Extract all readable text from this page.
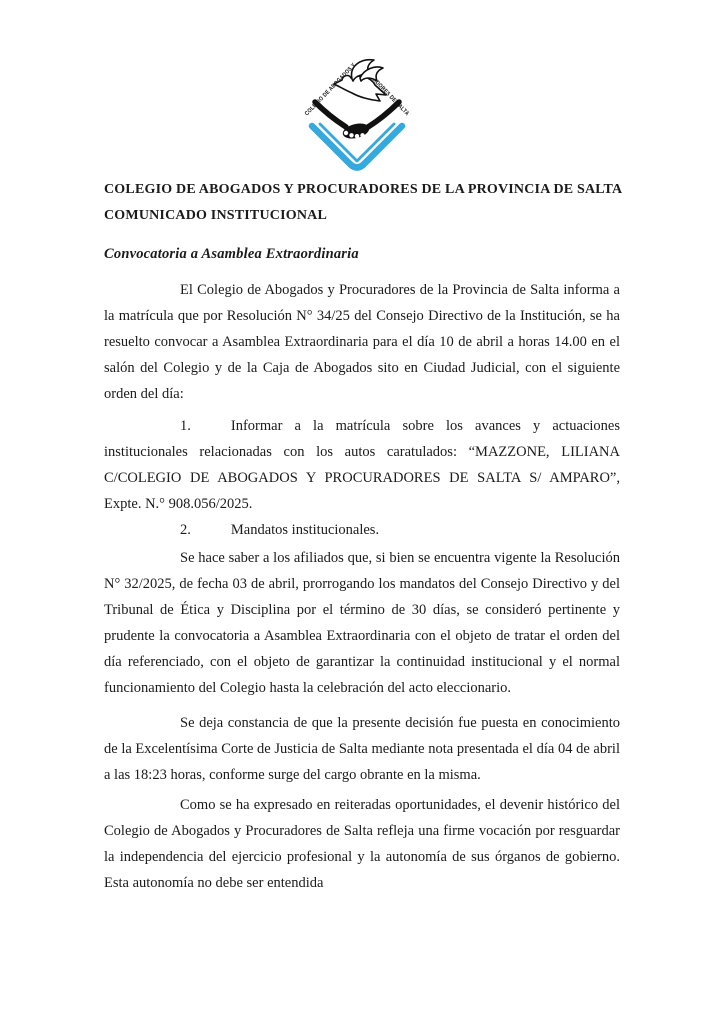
COLEGIO DE AB DOS ADORES DE SALTA
COLEGIO DE ABOGADOS Y PROCURADORES DE LA PROVINCIA DE SALTA
COMUNICADO INSTITUCIONAL
Convocatoria a Asamblea Extraordinaria

El Colegio de Abogados y Procuradores de la Provincia de Salta informa a la matrícula que por Resolución N° 34/25 del Consejo Directivo de la Institución, se ha resuelto convocar a Asamblea Extraordinaria para el día 10 de abril a horas 14.00 en el salón del Colegio y de la Caja de Abogados sito en Ciudad Judicial, con el siguiente orden del día:

1.	Informar a la matrícula sobre los avances y actuaciones institucionales relacionadas con los autos caratulados: “MAZZONE, LILIANA C/COLEGIO DE ABOGADOS Y PROCURADORES DE SALTA S/ AMPARO”, Expte. N.° 908.056/2025.

2.	Mandatos institucionales.

Se hace saber a los afiliados que, si bien se encuentra vigente la Resolución N° 32/2025, de fecha 03 de abril, prorrogando los mandatos del Consejo Directivo y del Tribunal de Ética y Disciplina por el término de 30 días, se consideró pertinente y prudente la convocatoria a Asamblea Extraordinaria con el objeto de tratar el orden del día referenciado, con el objeto de garantizar la continuidad institucional y el normal funcionamiento del Colegio hasta la celebración del acto eleccionario.

Se deja constancia de que la presente decisión fue puesta en conocimiento de la Excelentísima Corte de Justicia de Salta mediante nota presentada el día 04 de abril a las 18:23 horas, conforme surge del cargo obrante en la misma.

Como se ha expresado en reiteradas oportunidades, el devenir histórico del Colegio de Abogados y Procuradores de Salta refleja una firme vocación por resguardar la independencia del ejercicio profesional y la autonomía de sus órganos de gobierno. Esta autonomía no debe ser entendida
